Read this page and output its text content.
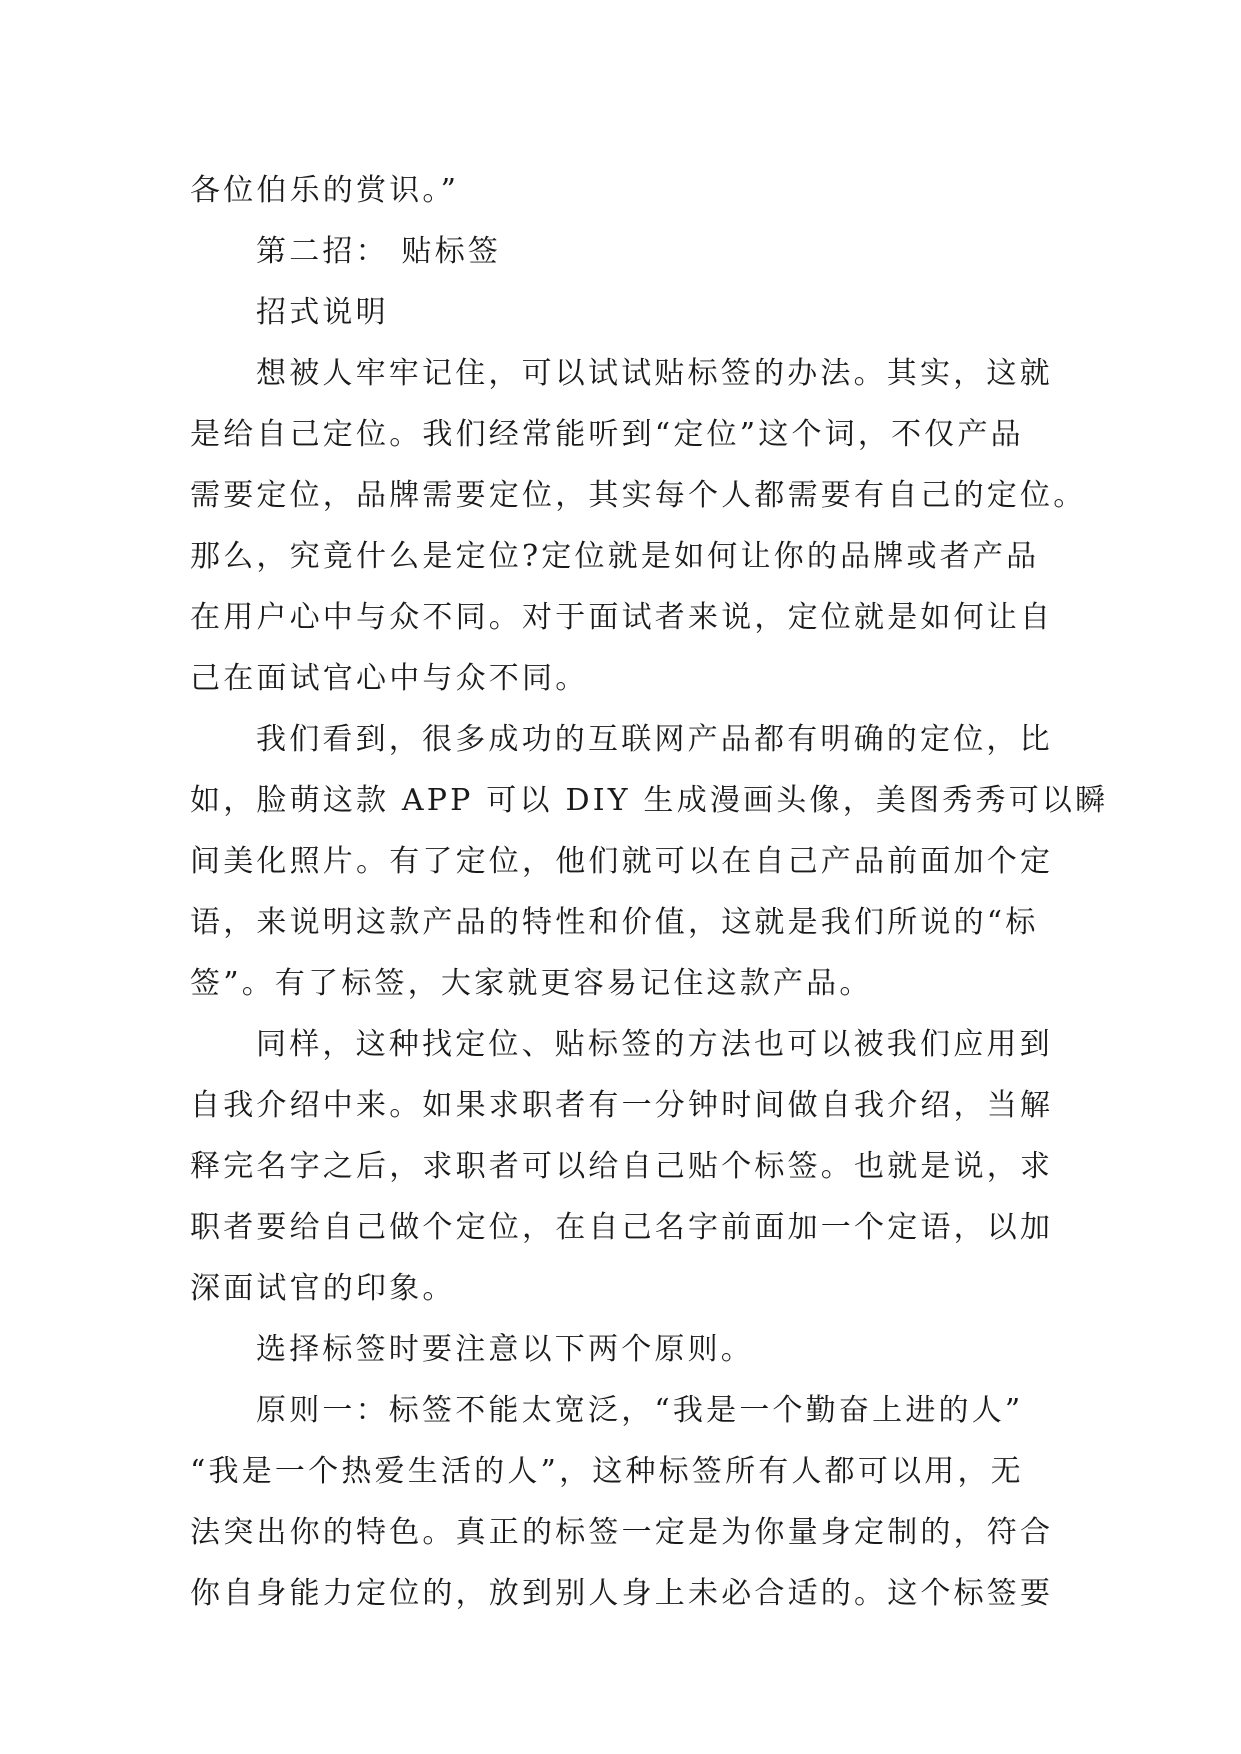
各位伯乐的赏识。”
第二招： 贴标签
招式说明
想被人牢牢记住，可以试试贴标签的办法。其实，这就
是给自己定位。我们经常能听到“定位”这个词，不仅产品
需要定位，品牌需要定位，其实每个人都需要有自己的定位。
那么，究竟什么是定位?定位就是如何让你的品牌或者产品
在用户心中与众不同。对于面试者来说，定位就是如何让自
己在面试官心中与众不同。
我们看到，很多成功的互联网产品都有明确的定位，比
如，脸萌这款 APP 可以 DIY 生成漫画头像，美图秀秀可以瞬
间美化照片。有了定位，他们就可以在自己产品前面加个定
语，来说明这款产品的特性和价值，这就是我们所说的“标
签”。有了标签，大家就更容易记住这款产品。
同样，这种找定位、贴标签的方法也可以被我们应用到
自我介绍中来。如果求职者有一分钟时间做自我介绍，当解
释完名字之后，求职者可以给自己贴个标签。也就是说，求
职者要给自己做个定位，在自己名字前面加一个定语，以加
深面试官的印象。
选择标签时要注意以下两个原则。
原则一：标签不能太宽泛，“我是一个勤奋上进的人”
“我是一个热爱生活的人”，这种标签所有人都可以用，无
法突出你的特色。真正的标签一定是为你量身定制的，符合
你自身能力定位的，放到别人身上未必合适的。这个标签要
